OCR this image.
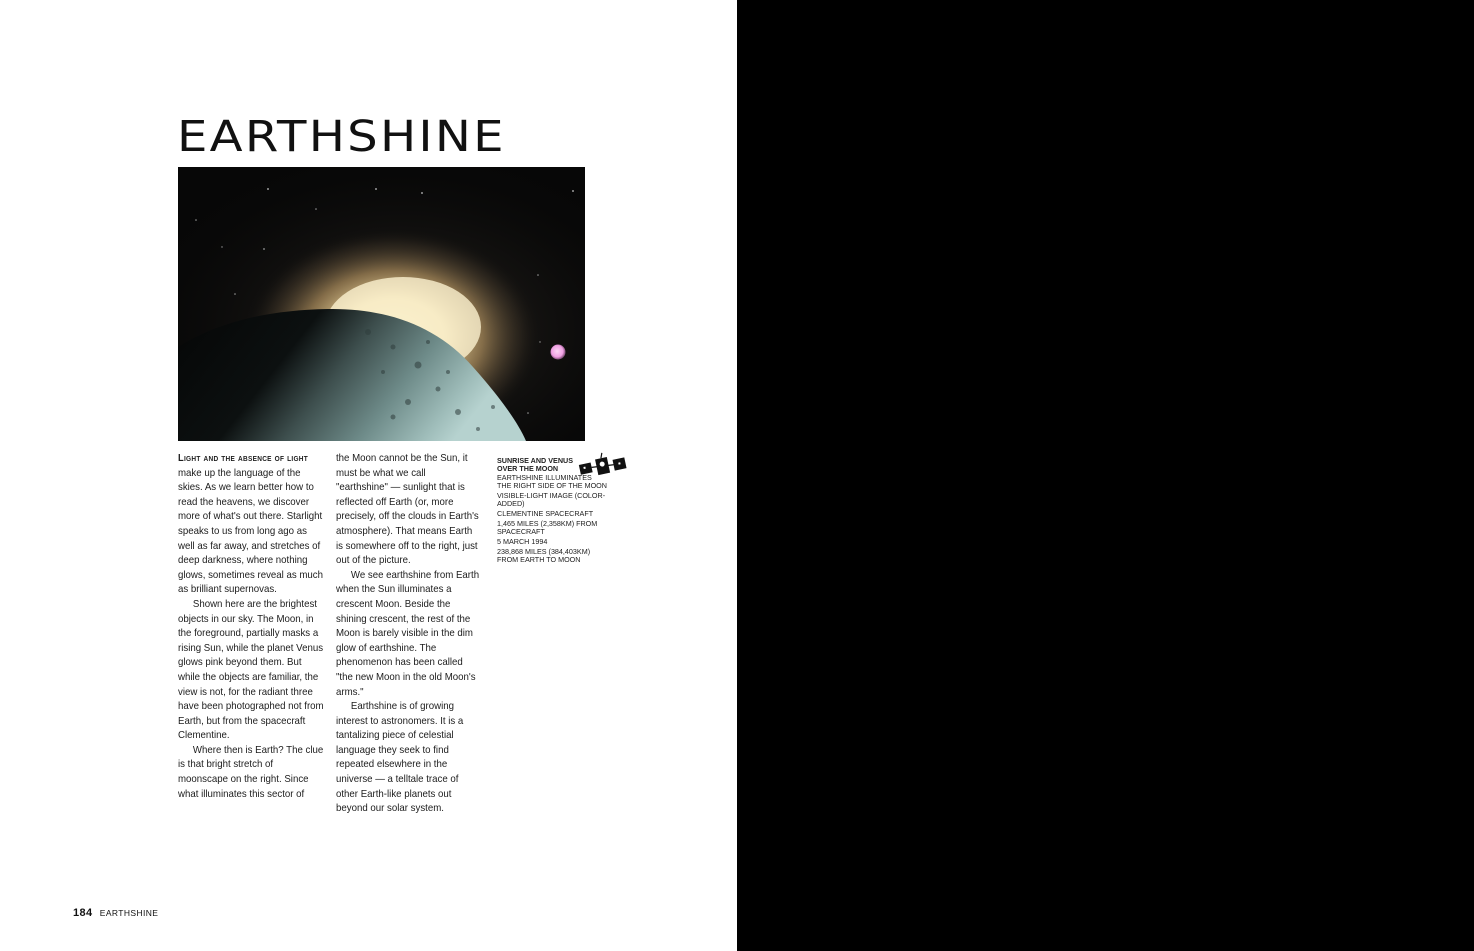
EARTHSHINE

Light and the absence of light make up the language of the skies. As we learn better how to read the heavens, we discover more of what's out there. Starlight speaks to us from long ago as well as far away, and stretches of deep darkness, where nothing glows, sometimes reveal as much as brilliant supernovas.

Shown here are the brightest objects in our sky. The Moon, in the foreground, partially masks a rising Sun, while the planet Venus glows pink beyond them. But while the objects are familiar, the view is not, for the radiant three have been photographed not from Earth, but from the spacecraft Clementine.

Where then is Earth? The clue is that bright stretch of moonscape on the right. Since what illuminates this sector of

the Moon cannot be the Sun, it must be what we call "earthshine" — sunlight that is reflected off Earth (or, more precisely, off the clouds in Earth's atmosphere). That means Earth is somewhere off to the right, just out of the picture.

We see earthshine from Earth when the Sun illuminates a crescent Moon. Beside the shining crescent, the rest of the Moon is barely visible in the dim glow of earthshine. The phenomenon has been called "the new Moon in the old Moon's arms."

Earthshine is of growing interest to astronomers. It is a tantalizing piece of celestial language they seek to find repeated elsewhere in the universe — a telltale trace of other Earth-like planets out beyond our solar system.

SUNRISE AND VENUS
OVER THE MOON
EARTHSHINE ILLUMINATES THE RIGHT SIDE OF THE MOON
VISIBLE-LIGHT IMAGE (COLOR-ADDED)
CLEMENTINE SPACECRAFT
1,465 MILES (2,358KM) FROM SPACECRAFT
5 MARCH 1994
238,868 MILES (384,403KM) FROM EARTH TO MOON
184 EARTHSHINE
